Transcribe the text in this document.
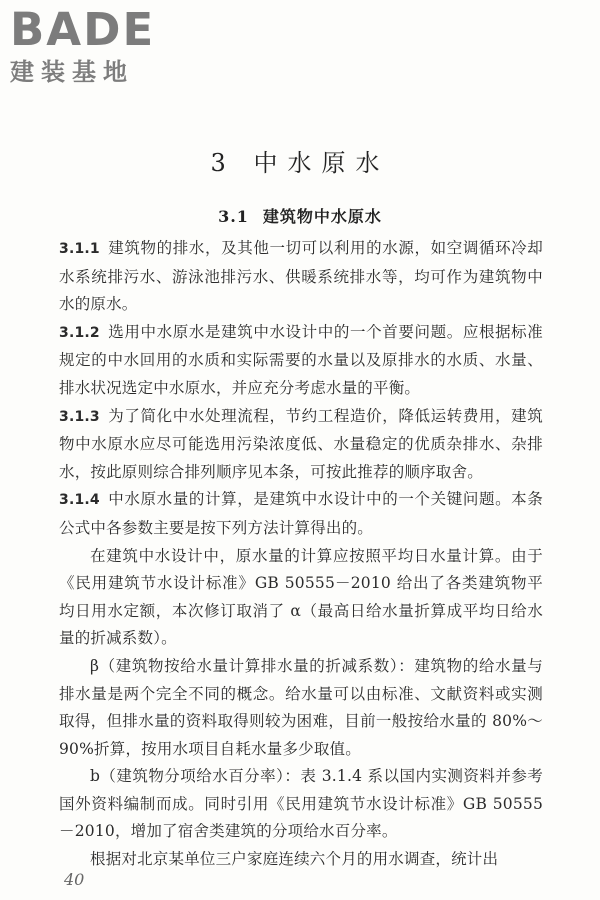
BADE
建装基地
3 中水原水
3.1 建筑物中水原水

3.1.1 建筑物的排水，及其他一切可以利用的水源，如空调循环冷却水系统排污水、游泳池排污水、供暖系统排水等，均可作为建筑物中水的原水。

3.1.2 选用中水原水是建筑中水设计中的一个首要问题。应根据标准规定的中水回用的水质和实际需要的水量以及原排水的水质、水量、排水状况选定中水原水，并应充分考虑水量的平衡。

3.1.3 为了简化中水处理流程，节约工程造价，降低运转费用，建筑物中水原水应尽可能选用污染浓度低、水量稳定的优质杂排水、杂排水，按此原则综合排列顺序见本条，可按此推荐的顺序取舍。

3.1.4 中水原水量的计算，是建筑中水设计中的一个关键问题。本条公式中各参数主要是按下列方法计算得出的。

在建筑中水设计中，原水量的计算应按照平均日水量计算。由于《民用建筑节水设计标准》GB 50555－2010 给出了各类建筑物平均日用水定额，本次修订取消了 α（最高日给水量折算成平均日给水量的折减系数）。

β（建筑物按给水量计算排水量的折减系数）：建筑物的给水量与排水量是两个完全不同的概念。给水量可以由标准、文献资料或实测取得，但排水量的资料取得则较为困难，目前一般按给水量的 80%～90%折算，按用水项目自耗水量多少取值。

b（建筑物分项给水百分率）：表 3.1.4 系以国内实测资料并参考国外资料编制而成。同时引用《民用建筑节水设计标准》GB 50555－2010，增加了宿舍类建筑的分项给水百分率。

根据对北京某单位三户家庭连续六个月的用水调查，统计出

40
